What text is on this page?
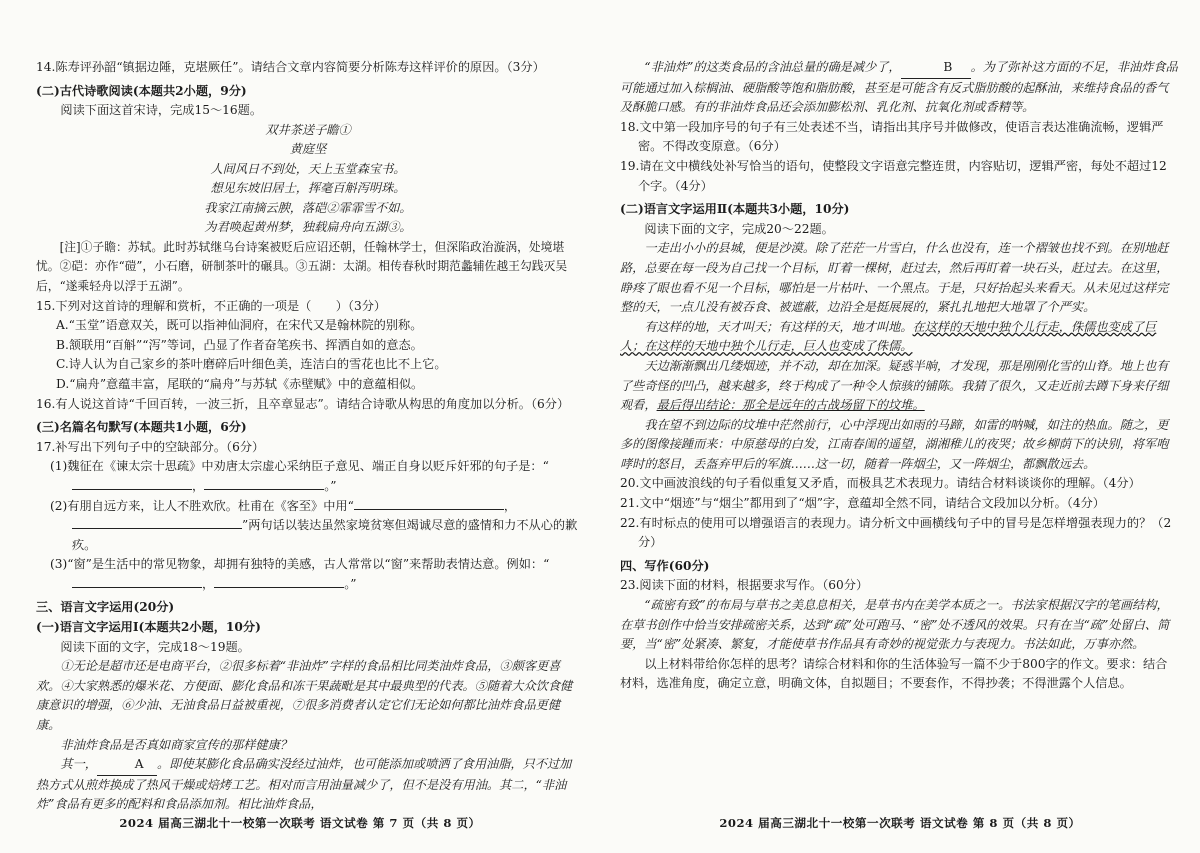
14.陈寿评孙韶“镇据边陲，克堪厥任”。请结合文章内容简要分析陈寿这样评价的原因。（3分）

(二)古代诗歌阅读(本题共2小题，9分)

阅读下面这首宋诗，完成15～16题。

双井茶送子瞻①

黄庭坚

人间风日不到处，天上玉堂森宝书。

想见东坡旧居士，挥毫百斛泻明珠。

我家江南摘云腴，落硙②霏霏雪不如。

为君唤起黄州梦，独载扁舟向五湖③。

[注]①子瞻：苏轼。此时苏轼继乌台诗案被贬后应诏还朝，任翰林学士，但深陷政治漩涡，处境堪忧。②硙：亦作“磑”，小石磨，研制茶叶的碾具。③五湖：太湖。相传春秋时期范蠡辅佐越王勾践灭吴后，“遂乘轻舟以浮于五湖”。

15.下列对这首诗的理解和赏析，不正确的一项是（　　）（3分）

A.“玉堂”语意双关，既可以指神仙洞府，在宋代又是翰林院的别称。

B.颔联用“百斛”“泻”等词，凸显了作者奋笔疾书、挥洒自如的意态。

C.诗人认为自己家乡的茶叶磨碎后叶细色美，连洁白的雪花也比不上它。

D.“扁舟”意蕴丰富，尾联的“扁舟”与苏轼《赤壁赋》中的意蕴相似。

16.有人说这首诗“千回百转，一波三折，且卒章显志”。请结合诗歌从构思的角度加以分析。（6分）

(三)名篇名句默写(本题共1小题，6分)

17.补写出下列句子中的空缺部分。（6分）

(1)魏征在《谏太宗十思疏》中劝唐太宗虚心采纳臣子意见、端正自身以贬斥奸邪的句子是：“，	。”

(2)有朋自远方来，让人不胜欢欣。杜甫在《客至》中用“	，”两句话以装达虽然家境贫寒但竭诚尽意的盛情和力不从心的歉疚。

(3)“窗”是生活中的常见物象，却拥有独特的美感，古人常常以“窗”来帮助表情达意。例如：“，	。”

三、语言文字运用(20分)

(一)语言文字运用Ⅰ(本题共2小题，10分)

阅读下面的文字，完成18～19题。

①无论是超市还是电商平台，②很多标着“非油炸”字样的食品相比同类油炸食品，③颇客更喜欢。④大家熟悉的爆米花、方便面、膨化食品和冻干果蔬毗是其中最典型的代表。⑤随着大众饮食健康意识的增强，⑥少油、无油食品日益被重视，⑦很多消费者认定它们无论如何都比油炸食品更健康。

非油炸食品是否真如商家宣传的那样健康？

其一，	A 。即使某膨化食品确实没经过油炸，也可能添加或喷洒了食用油脂，只不过加热方式从煎炸换成了热风干燥或焙烤工艺。相对而言用油量减少了，但不是没有用油。其二，“非油炸”食品有更多的配料和食品添加剂。相比油炸食品，

2024 届高三湖北十一校第一次联考 语文试卷 第 7 页（共 8 页）

“非油炸”的这类食品的含油总量的确是减少了，	B 。为了弥补这方面的不足，非油炸食品可能通过加入棕榈油、硬脂酸等饱和脂肪酸，甚至是可能含有反式脂肪酸的起酥油，来维持食品的香气及酥脆口感。有的非油炸食品还会添加膨松剂、乳化剂、抗氧化剂或香精等。

18.文中第一段加序号的句子有三处表述不当，请指出其序号并做修改，使语言表达准确流畅，逻辑严密。不得改变原意。（6分）

19.请在文中横线处补写恰当的语句，使整段文字语意完整连贯，内容贴切，逻辑严密，每处不超过12个字。（4分）

(二)语言文字运用Ⅱ(本题共3小题，10分)

阅读下面的文字，完成20～22题。

一走出小小的县城，便是沙漠。除了茫茫一片雪白，什么也没有，连一个褶皱也找不到。在别地赶路，总要在每一段为自己找一个目标，盯着一棵树，赶过去，然后再盯着一块石头，赶过去。在这里，睁疼了眼也看不见一个目标，哪怕是一片枯叶、一个黑点。于是，只好抬起头来看天。从未见过这样完整的天，一点儿没有被吞食、被遮蔽，边沿全是挺展展的，紧扎扎地把大地罩了个严实。

有这样的地，天才叫天；有这样的天，地才叫地。在这样的天地中独个儿行走，侏儒也变成了巨人；在这样的天地中独个儿行走，巨人也变成了侏儒。

天边渐渐飘出几缕烟迹，并不动，却在加深。疑惑半晌，才发现，那是刚刚化雪的山脊。地上也有了些奇怪的凹凸，越来越多，终于构成了一种令人惊骇的铺陈。我猜了很久，又走近前去蹲下身来仔细观看，最后得出结论：那全是远年的古战场留下的坟堆。

我在望不到边际的坟堆中茫然前行，心中浮现出如雨的马蹄，如雷的呐喊，如注的热血。随之，更多的图像接踵而来：中原慈母的白发，江南春闺的遥望，湖湘稚儿的夜哭；故乡柳荫下的诀别，将军咆哮时的怒目，丢盔弃甲后的军旗……这一切，随着一阵烟尘，又一阵烟尘，都飘散远去。

20.文中画波浪线的句子看似重复又矛盾，而极具艺术表现力。请结合材料谈谈你的理解。（4分）

21.文中“烟迹”与“烟尘”都用到了“烟”字，意蕴却全然不同，请结合文段加以分析。（4分）

22.有时标点的使用可以增强语言的表现力。请分析文中画横线句子中的冒号是怎样增强表现力的？（2分）

四、写作(60分)

23.阅读下面的材料，根据要求写作。（60分）

“疏密有致”的布局与草书之美息息相关，是草书内在美学本质之一。书法家根据汉字的笔画结构，在草书创作中恰当安排疏密关系，达到“疏”处可跑马、“密”处不透风的效果。只有在当“疏”处留白、简要，当“密”处紧凑、繁复，才能使草书作品具有奇妙的视觉张力与表现力。书法如此，万事亦然。

以上材料带给你怎样的思考？请综合材料和你的生活体验写一篇不少于800字的作文。要求：结合材料，选准角度，确定立意，明确文体，自拟题目；不要套作，不得抄袭；不得泄露个人信息。

2024 届高三湖北十一校第一次联考 语文试卷 第 8 页（共 8 页）
